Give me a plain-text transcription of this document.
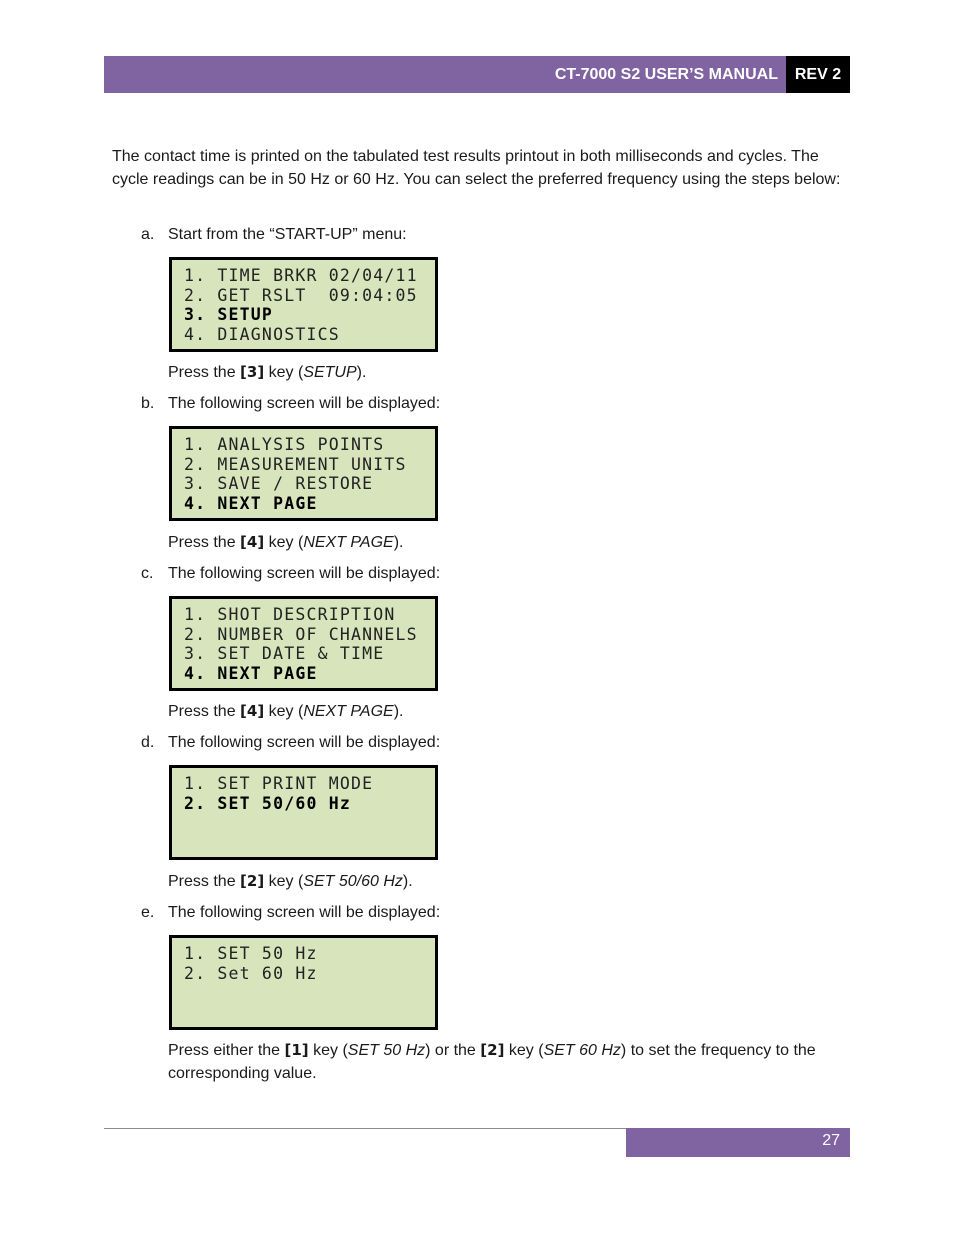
CT-7000 S2 USER’S MANUAL	REV 2

The contact time is printed on the tabulated test results printout in both milliseconds and cycles. The cycle readings can be in 50 Hz or 60 Hz. You can select the preferred frequency using the steps below:

a. Start from the “START-UP” menu:
1. TIME BRKR 02/04/11
2. GET RSLT  09:04:05
3. SETUP
4. DIAGNOSTICS
Press the [3] key (SETUP).
b. The following screen will be displayed:
1. ANALYSIS POINTS
2. MEASUREMENT UNITS
3. SAVE / RESTORE
4. NEXT PAGE
Press the [4] key (NEXT PAGE).
c. The following screen will be displayed:
1. SHOT DESCRIPTION
2. NUMBER OF CHANNELS
3. SET DATE & TIME
4. NEXT PAGE
Press the [4] key (NEXT PAGE).
d. The following screen will be displayed:
1. SET PRINT MODE
2. SET 50/60 Hz
Press the [2] key (SET 50/60 Hz).
e. The following screen will be displayed:
1. SET 50 Hz
2. Set 60 Hz
Press either the [1] key (SET 50 Hz) or the [2] key (SET 60 Hz) to set the frequency to the corresponding value.
27
